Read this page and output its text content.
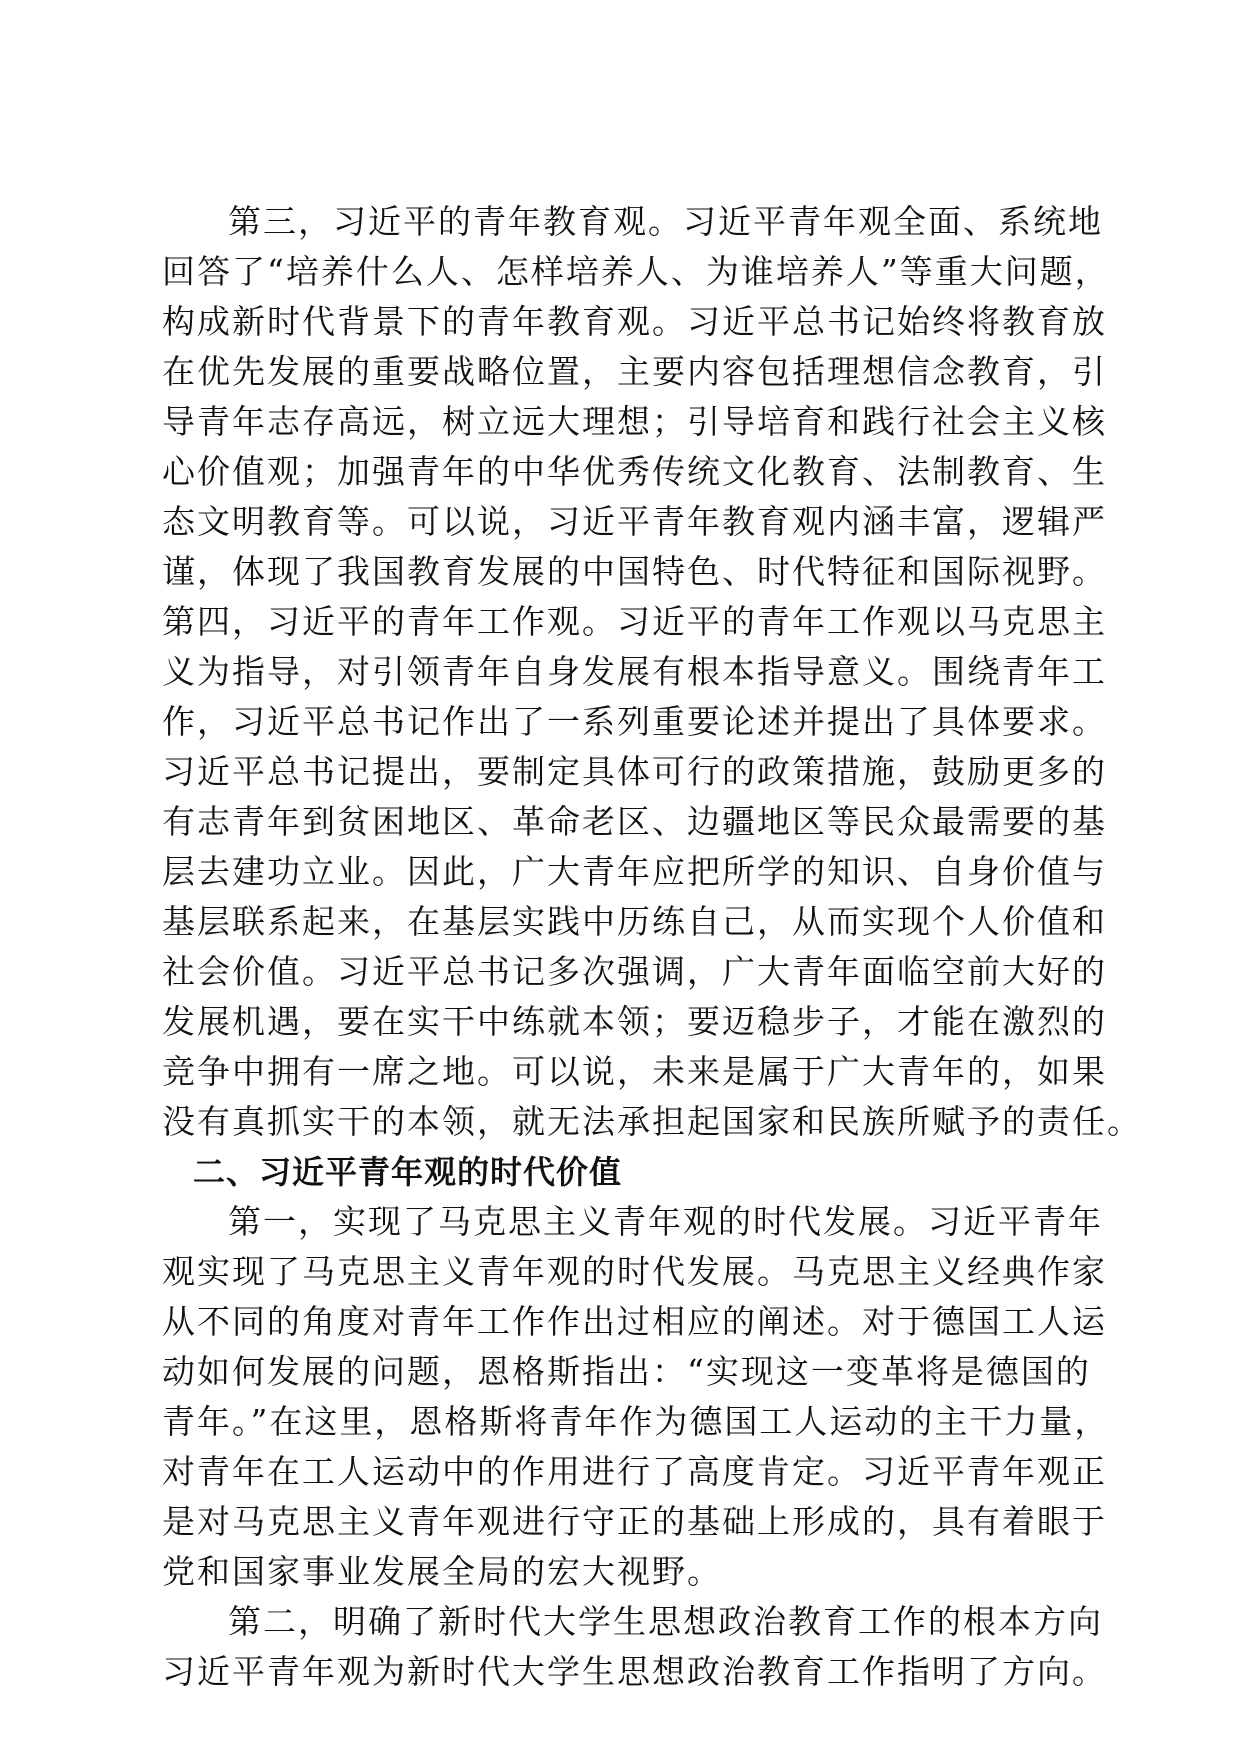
第三，习近平的青年教育观。习近平青年观全面、系统地
回答了“培养什么人、怎样培养人、为谁培养人”等重大问题，
构成新时代背景下的青年教育观。习近平总书记始终将教育放
在优先发展的重要战略位置，主要内容包括理想信念教育，引
导青年志存高远，树立远大理想；引导培育和践行社会主义核
心价值观；加强青年的中华优秀传统文化教育、法制教育、生
态文明教育等。可以说，习近平青年教育观内涵丰富，逻辑严
谨，体现了我国教育发展的中国特色、时代特征和国际视野。
第四，习近平的青年工作观。习近平的青年工作观以马克思主
义为指导，对引领青年自身发展有根本指导意义。围绕青年工
作，习近平总书记作出了一系列重要论述并提出了具体要求。
习近平总书记提出，要制定具体可行的政策措施，鼓励更多的
有志青年到贫困地区、革命老区、边疆地区等民众最需要的基
层去建功立业。因此，广大青年应把所学的知识、自身价值与
基层联系起来，在基层实践中历练自己，从而实现个人价值和
社会价值。习近平总书记多次强调，广大青年面临空前大好的
发展机遇，要在实干中练就本领；要迈稳步子，才能在激烈的
竞争中拥有一席之地。可以说，未来是属于广大青年的，如果
没有真抓实干的本领，就无法承担起国家和民族所赋予的责任。
二、习近平青年观的时代价值
第一，实现了马克思主义青年观的时代发展。习近平青年
观实现了马克思主义青年观的时代发展。马克思主义经典作家
从不同的角度对青年工作作出过相应的阐述。对于德国工人运
动如何发展的问题，恩格斯指出：“实现这一变革将是德国的
青年。”在这里，恩格斯将青年作为德国工人运动的主干力量，
对青年在工人运动中的作用进行了高度肯定。习近平青年观正
是对马克思主义青年观进行守正的基础上形成的，具有着眼于
党和国家事业发展全局的宏大视野。
第二，明确了新时代大学生思想政治教育工作的根本方向
习近平青年观为新时代大学生思想政治教育工作指明了方向。
